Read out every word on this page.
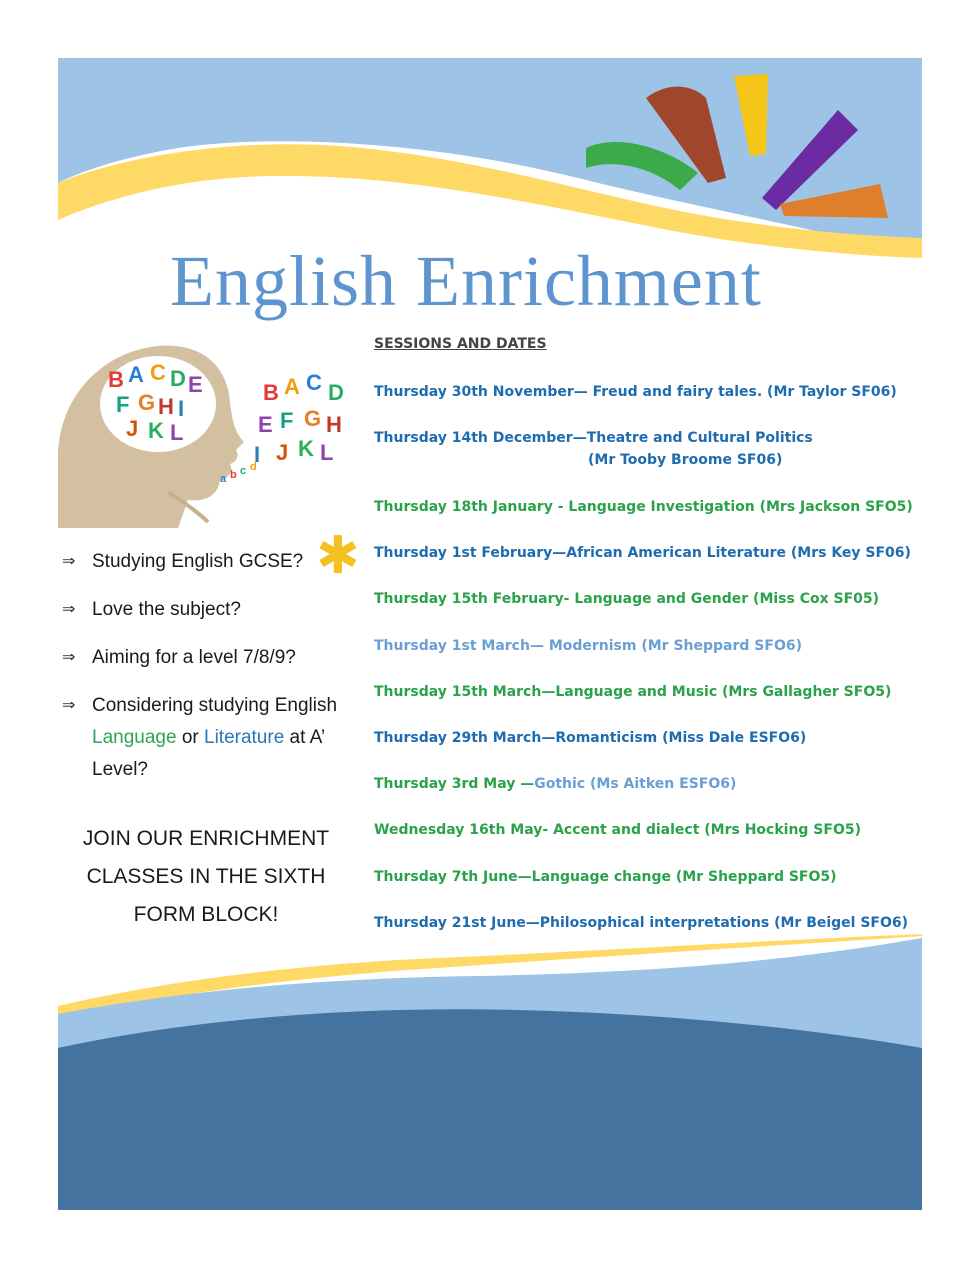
English Enrichment
B A C D E
F G H I
J K L
B A C D
E F G H
I J K L
a b c d
⇒ Studying English GCSE?
⇒ Love the subject?
⇒ Aiming for a level 7/8/9?
⇒ Considering studying English Language or Literature at A’ Level?
✱
JOIN OUR ENRICHMENT
CLASSES IN THE SIXTH
FORM BLOCK!
SESSIONS AND DATES
Thursday 30th November— Freud and fairy tales. (Mr Taylor SF06)
Thursday 14th December—Theatre and Cultural Politics
(Mr Tooby Broome SF06)
Thursday 18th January - Language Investigation (Mrs Jackson SFO5)
Thursday 1st February—African American Literature (Mrs Key SF06)
Thursday 15th February- Language and Gender (Miss Cox SF05)
Thursday 1st March— Modernism (Mr Sheppard SFO6)
Thursday 15th March—Language and Music (Mrs Gallagher SFO5)
Thursday 29th March—Romanticism (Miss Dale ESFO6)
Thursday 3rd May —Gothic (Ms Aitken ESFO6)
Wednesday 16th May- Accent and dialect (Mrs Hocking SFO5)
Thursday 7th June—Language change (Mr Sheppard SFO5)
Thursday 21st June—Philosophical interpretations (Mr Beigel SFO6)
